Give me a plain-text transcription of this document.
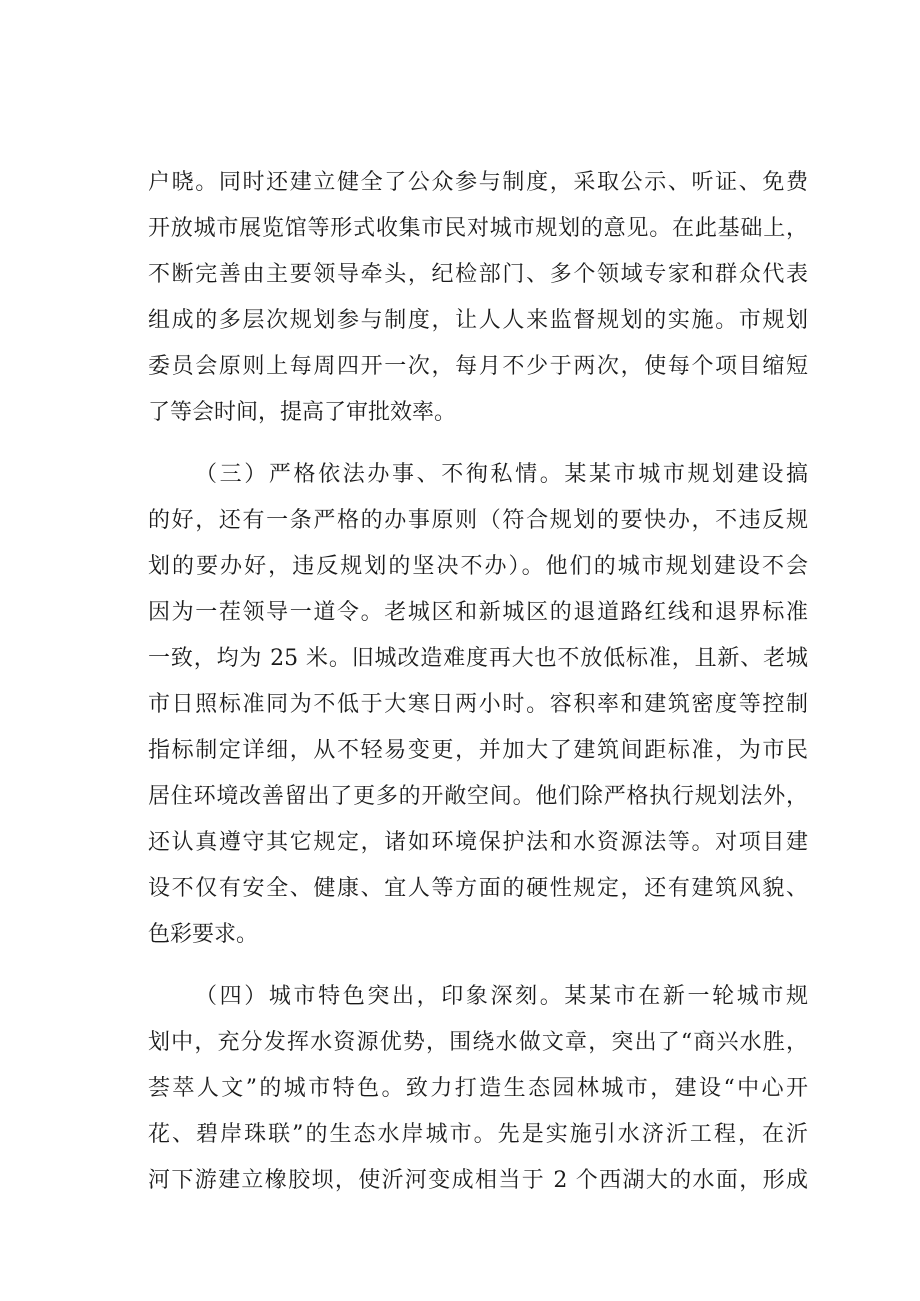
户晓。同时还建立健全了公众参与制度，采取公示、听证、免费

开放城市展览馆等形式收集市民对城市规划的意见。在此基础上，

不断完善由主要领导牵头，纪检部门、多个领域专家和群众代表

组成的多层次规划参与制度，让人人来监督规划的实施。市规划

委员会原则上每周四开一次，每月不少于两次，使每个项目缩短

了等会时间，提高了审批效率。

（三）严格依法办事、不徇私情。某某市城市规划建设搞

的好，还有一条严格的办事原则（符合规划的要快办，不违反规

划的要办好，违反规划的坚决不办）。他们的城市规划建设不会

因为一茬领导一道令。老城区和新城区的退道路红线和退界标准

一致，均为 25 米。旧城改造难度再大也不放低标准，且新、老城

市日照标准同为不低于大寒日两小时。容积率和建筑密度等控制

指标制定详细，从不轻易变更，并加大了建筑间距标准，为市民

居住环境改善留出了更多的开敞空间。他们除严格执行规划法外，

还认真遵守其它规定，诸如环境保护法和水资源法等。对项目建

设不仅有安全、健康、宜人等方面的硬性规定，还有建筑风貌、

色彩要求。

（四）城市特色突出，印象深刻。某某市在新一轮城市规

划中，充分发挥水资源优势，围绕水做文章，突出了“商兴水胜，

荟萃人文”的城市特色。致力打造生态园林城市，建设“中心开

花、碧岸珠联”的生态水岸城市。先是实施引水济沂工程，在沂

河下游建立橡胶坝，使沂河变成相当于 2 个西湖大的水面，形成
